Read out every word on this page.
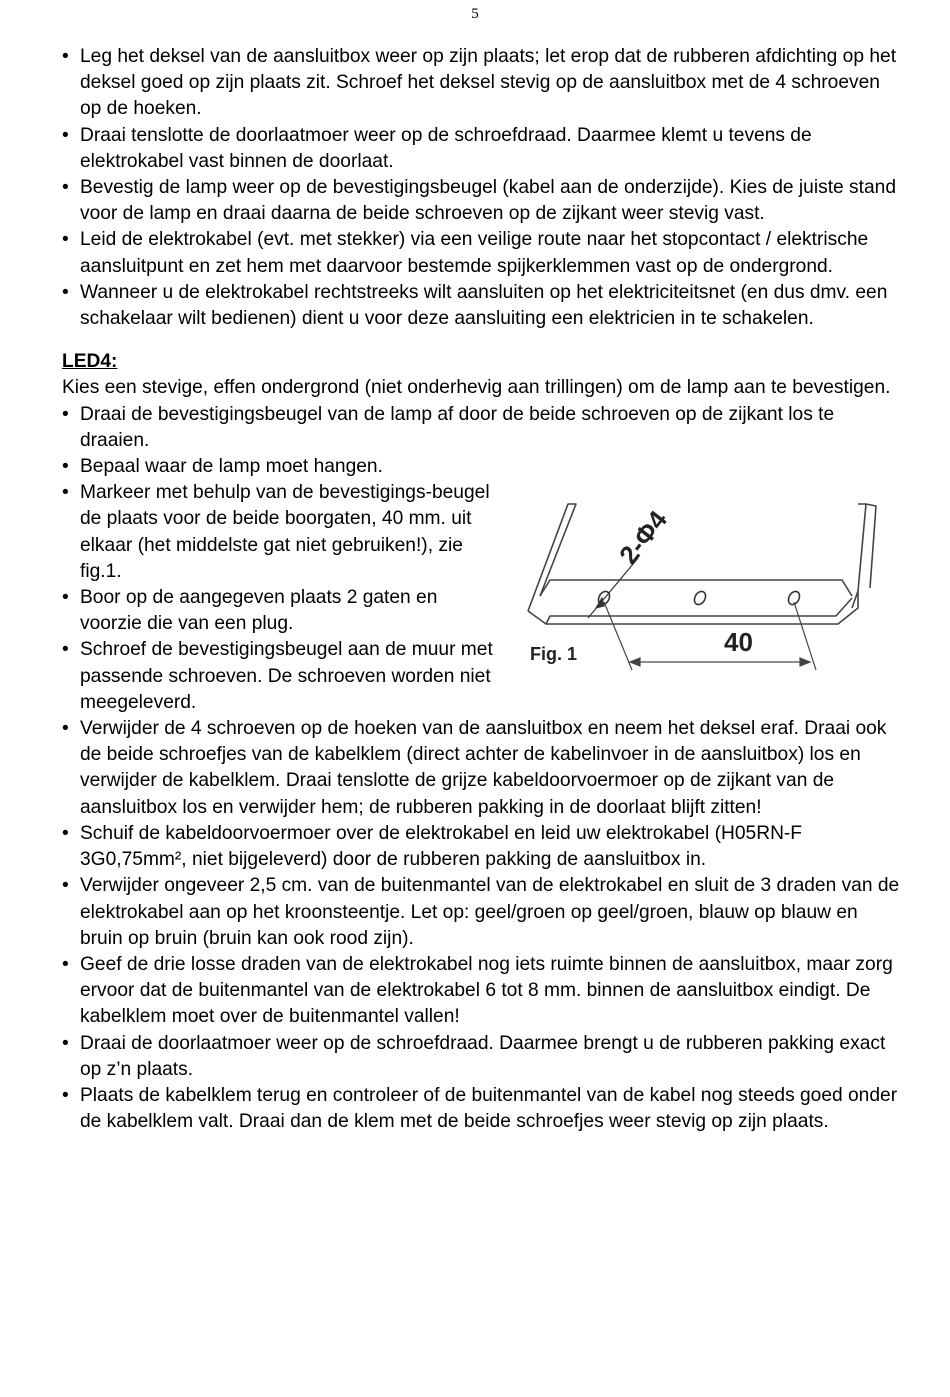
5
• Leg het deksel van de aansluitbox weer op zijn plaats; let erop dat de rubberen afdichting op het deksel goed op zijn plaats zit. Schroef het deksel stevig op de aansluitbox met de 4 schroeven op de hoeken.
• Draai tenslotte de doorlaatmoer weer op de schroefdraad. Daarmee klemt u tevens de elektrokabel vast binnen de doorlaat.
• Bevestig de lamp weer op de bevestigingsbeugel (kabel aan de onderzijde). Kies de juiste stand voor de lamp en draai daarna de beide schroeven op de zijkant weer stevig vast.
• Leid de elektrokabel (evt. met stekker) via een veilige route naar het stopcontact / elektrische aansluitpunt en zet hem met daarvoor bestemde spijkerklemmen vast op de ondergrond.
• Wanneer u de elektrokabel rechtstreeks wilt aansluiten op het elektriciteitsnet (en dus dmv. een schakelaar wilt bedienen) dient u voor deze aansluiting een elektricien in te schakelen.
LED4:

Kies een stevige, effen ondergrond (niet onderhevig aan trillingen) om de lamp aan te bevestigen.

• Draai de bevestigingsbeugel van de lamp af door de beide schroeven op de zijkant los te draaien.
• Bepaal waar de lamp moet hangen.
• Markeer met behulp van de bevestigings-beugel de plaats voor de beide boorgaten, 40 mm. uit elkaar (het middelste gat niet gebruiken!), zie fig.1.
• Boor op de aangegeven plaats 2 gaten en voorzie die van een plug.
• Schroef de bevestigingsbeugel aan de muur met passende schroeven. De schroeven worden niet meegeleverd.
2-Φ4
40
Fig. 1
• Verwijder de 4 schroeven op de hoeken van de aansluitbox en neem het deksel eraf. Draai ook de beide schroefjes van de kabelklem (direct achter de kabelinvoer in de aansluitbox) los en verwijder de kabelklem. Draai tenslotte de grijze kabeldoorvoermoer op de zijkant van de aansluitbox los en verwijder hem; de rubberen pakking in de doorlaat blijft zitten!
• Schuif de kabeldoorvoermoer over de elektrokabel en leid uw elektrokabel (H05RN-F 3G0,75mm², niet bijgeleverd) door de rubberen pakking de aansluitbox in.
• Verwijder ongeveer 2,5 cm. van de buitenmantel van de elektrokabel en sluit de 3 draden van de elektrokabel aan op het kroonsteentje. Let op: geel/groen op geel/groen, blauw op blauw en bruin op bruin (bruin kan ook rood zijn).
• Geef de drie losse draden van de elektrokabel nog iets ruimte binnen de aansluitbox, maar zorg ervoor dat de buitenmantel van de elektrokabel 6 tot 8 mm. binnen de aansluitbox eindigt. De kabelklem moet over de buitenmantel vallen!
• Draai de doorlaatmoer weer op de schroefdraad. Daarmee brengt u de rubberen pakking exact op z’n plaats.
• Plaats de kabelklem terug en controleer of de buitenmantel van de kabel nog steeds goed onder de kabelklem valt. Draai dan de klem met de beide schroefjes weer stevig op zijn plaats.
